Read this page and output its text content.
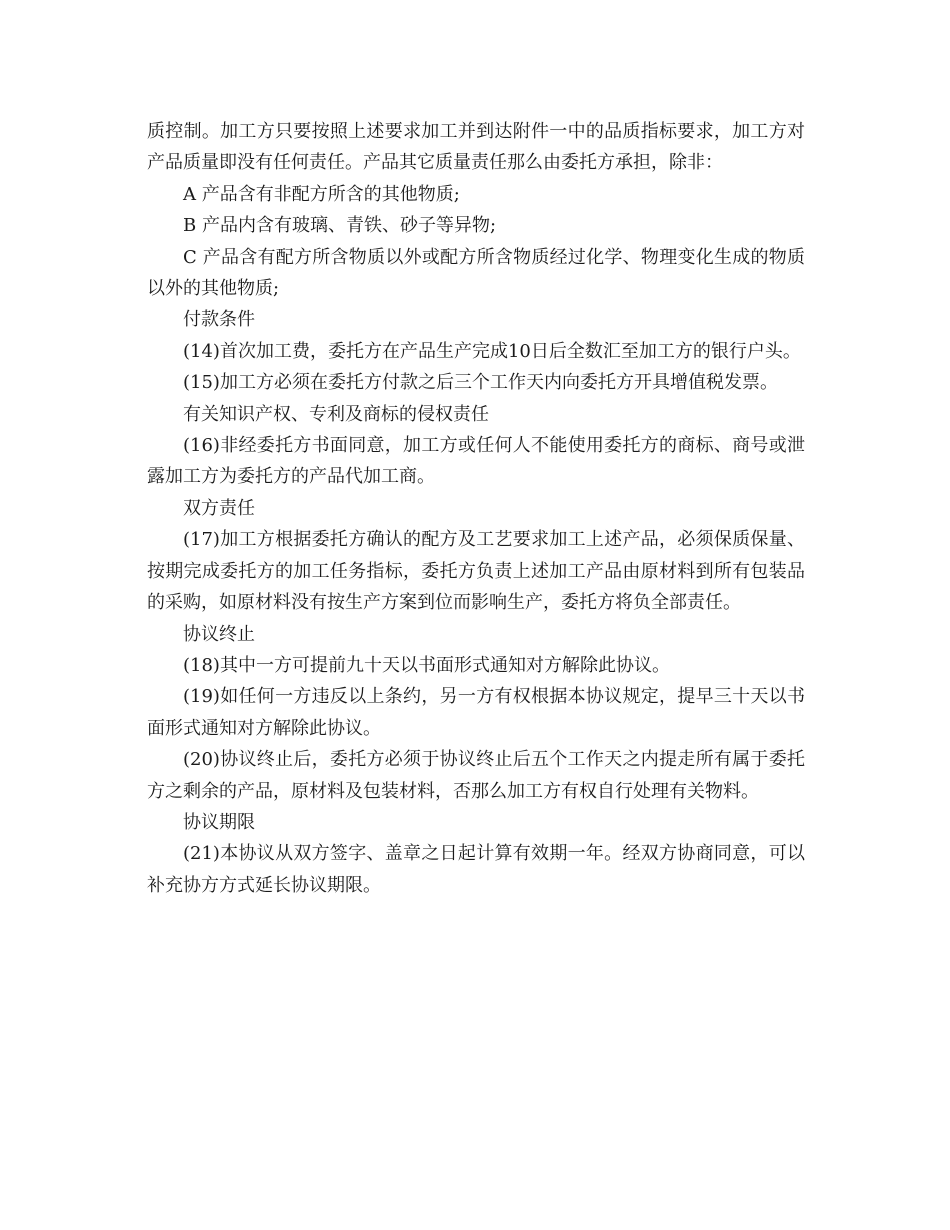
质控制。加工方只要按照上述要求加工并到达附件一中的品质指标要求，加工方对产品质量即没有任何责任。产品其它质量责任那么由委托方承担，除非：

A 产品含有非配方所含的其他物质;

B 产品内含有玻璃、青铁、砂子等异物;

C 产品含有配方所含物质以外或配方所含物质经过化学、物理变化生成的物质以外的其他物质;

付款条件

(14)首次加工费，委托方在产品生产完成10日后全数汇至加工方的银行户头。

(15)加工方必须在委托方付款之后三个工作天内向委托方开具增值税发票。

有关知识产权、专利及商标的侵权责任

(16)非经委托方书面同意，加工方或任何人不能使用委托方的商标、商号或泄露加工方为委托方的产品代加工商。

双方责任

(17)加工方根据委托方确认的配方及工艺要求加工上述产品，必须保质保量、按期完成委托方的加工任务指标，委托方负责上述加工产品由原材料到所有包装品的采购，如原材料没有按生产方案到位而影响生产，委托方将负全部责任。

协议终止

(18)其中一方可提前九十天以书面形式通知对方解除此协议。

(19)如任何一方违反以上条约，另一方有权根据本协议规定，提早三十天以书面形式通知对方解除此协议。

(20)协议终止后，委托方必须于协议终止后五个工作天之内提走所有属于委托方之剩余的产品，原材料及包装材料，否那么加工方有权自行处理有关物料。

协议期限

(21)本协议从双方签字、盖章之日起计算有效期一年。经双方协商同意，可以补充协方方式延长协议期限。
